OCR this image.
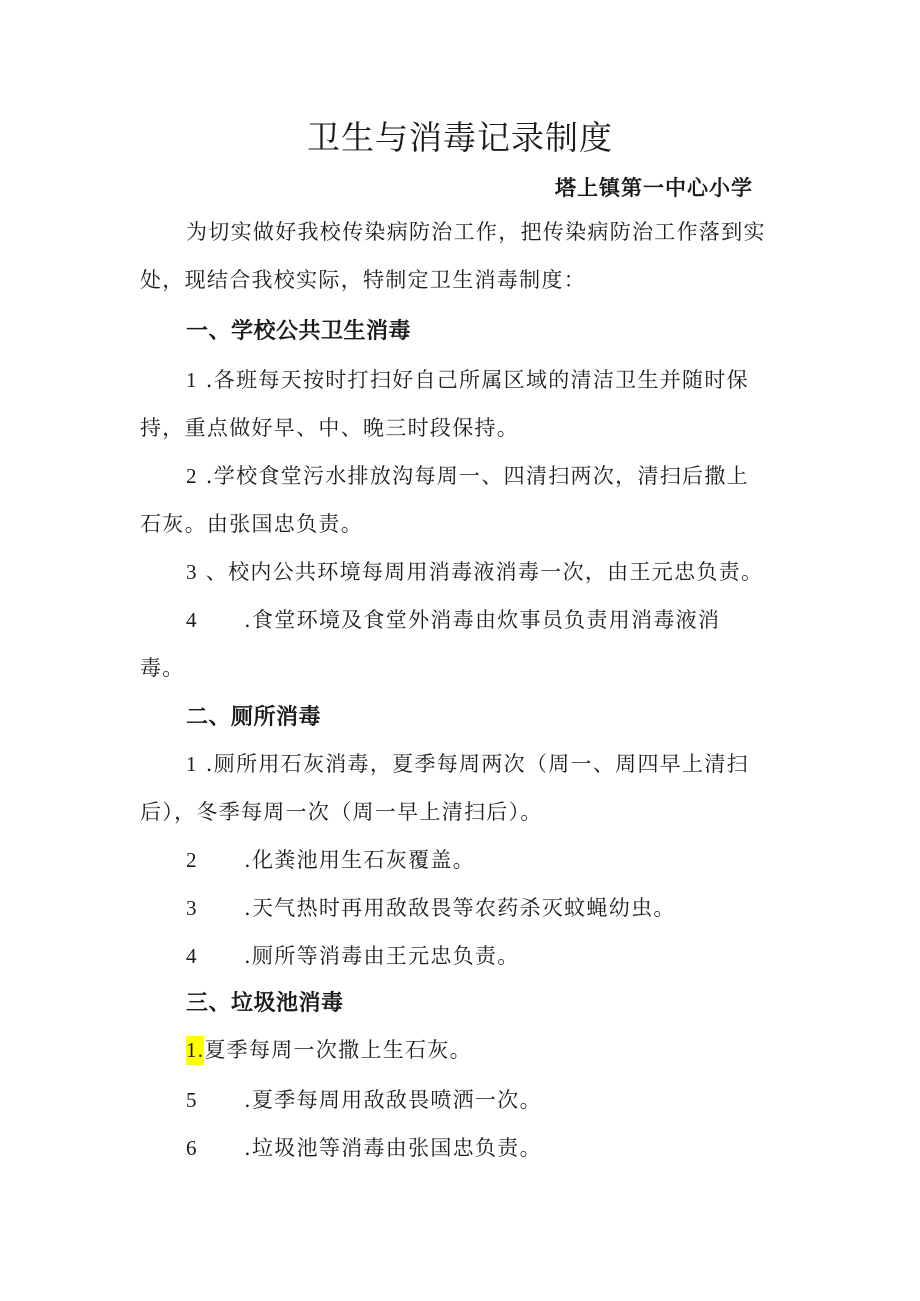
卫生与消毒记录制度
塔上镇第一中心小学

为切实做好我校传染病防治工作，把传染病防治工作落到实处，现结合我校实际，特制定卫生消毒制度：

一、学校公共卫生消毒

1 .各班每天按时打扫好自己所属区域的清洁卫生并随时保

持，重点做好早、中、晚三时段保持。

2 .学校食堂污水排放沟每周一、四清扫两次，清扫后撒上

石灰。由张国忠负责。

3 、校内公共环境每周用消毒液消毒一次，由王元忠负责。

4 .食堂环境及食堂外消毒由炊事员负责用消毒液消

毒。

二、厕所消毒

1 .厕所用石灰消毒，夏季每周两次（周一、周四早上清扫

后），冬季每周一次（周一早上清扫后）。

2 .化粪池用生石灰覆盖。

3 .天气热时再用敌敌畏等农药杀灭蚊蝇幼虫。

4 .厕所等消毒由王元忠负责。

三、垃圾池消毒

1.夏季每周一次撒上生石灰。

5 .夏季每周用敌敌畏喷洒一次。

6 .垃圾池等消毒由张国忠负责。
